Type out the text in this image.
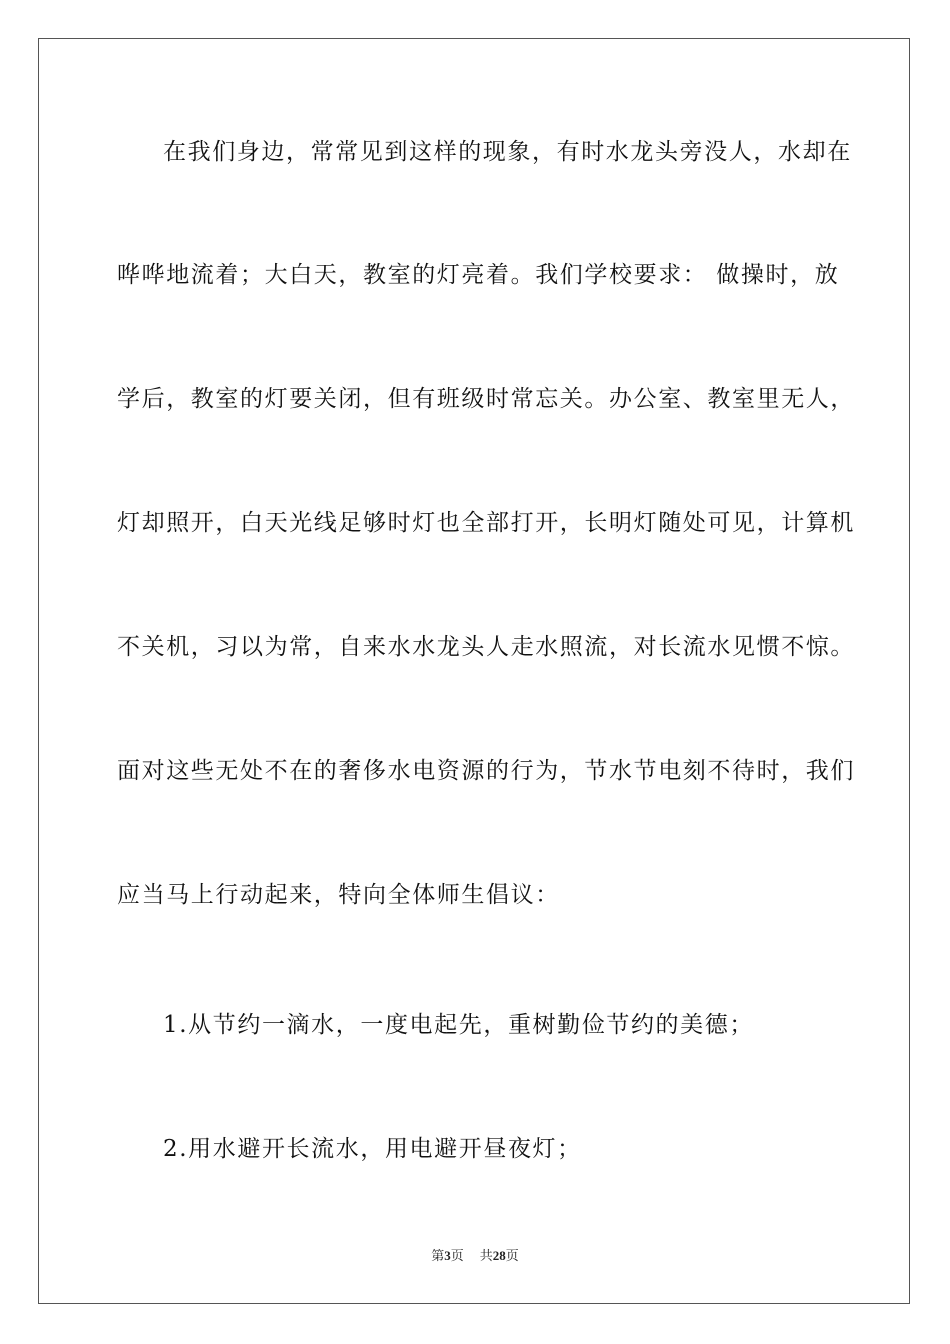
在我们身边，常常见到这样的现象，有时水龙头旁没人，水却在
哗哗地流着；大白天，教室的灯亮着。我们学校要求： 做操时，放
学后，教室的灯要关闭，但有班级时常忘关。办公室、教室里无人，
灯却照开，白天光线足够时灯也全部打开，长明灯随处可见，计算机
不关机，习以为常，自来水水龙头人走水照流，对长流水见惯不惊。
面对这些无处不在的奢侈水电资源的行为，节水节电刻不待时，我们
应当马上行动起来，特向全体师生倡议：
1.从节约一滴水，一度电起先，重树勤俭节约的美德；
2.用水避开长流水，用电避开昼夜灯；
第3页 共28页
